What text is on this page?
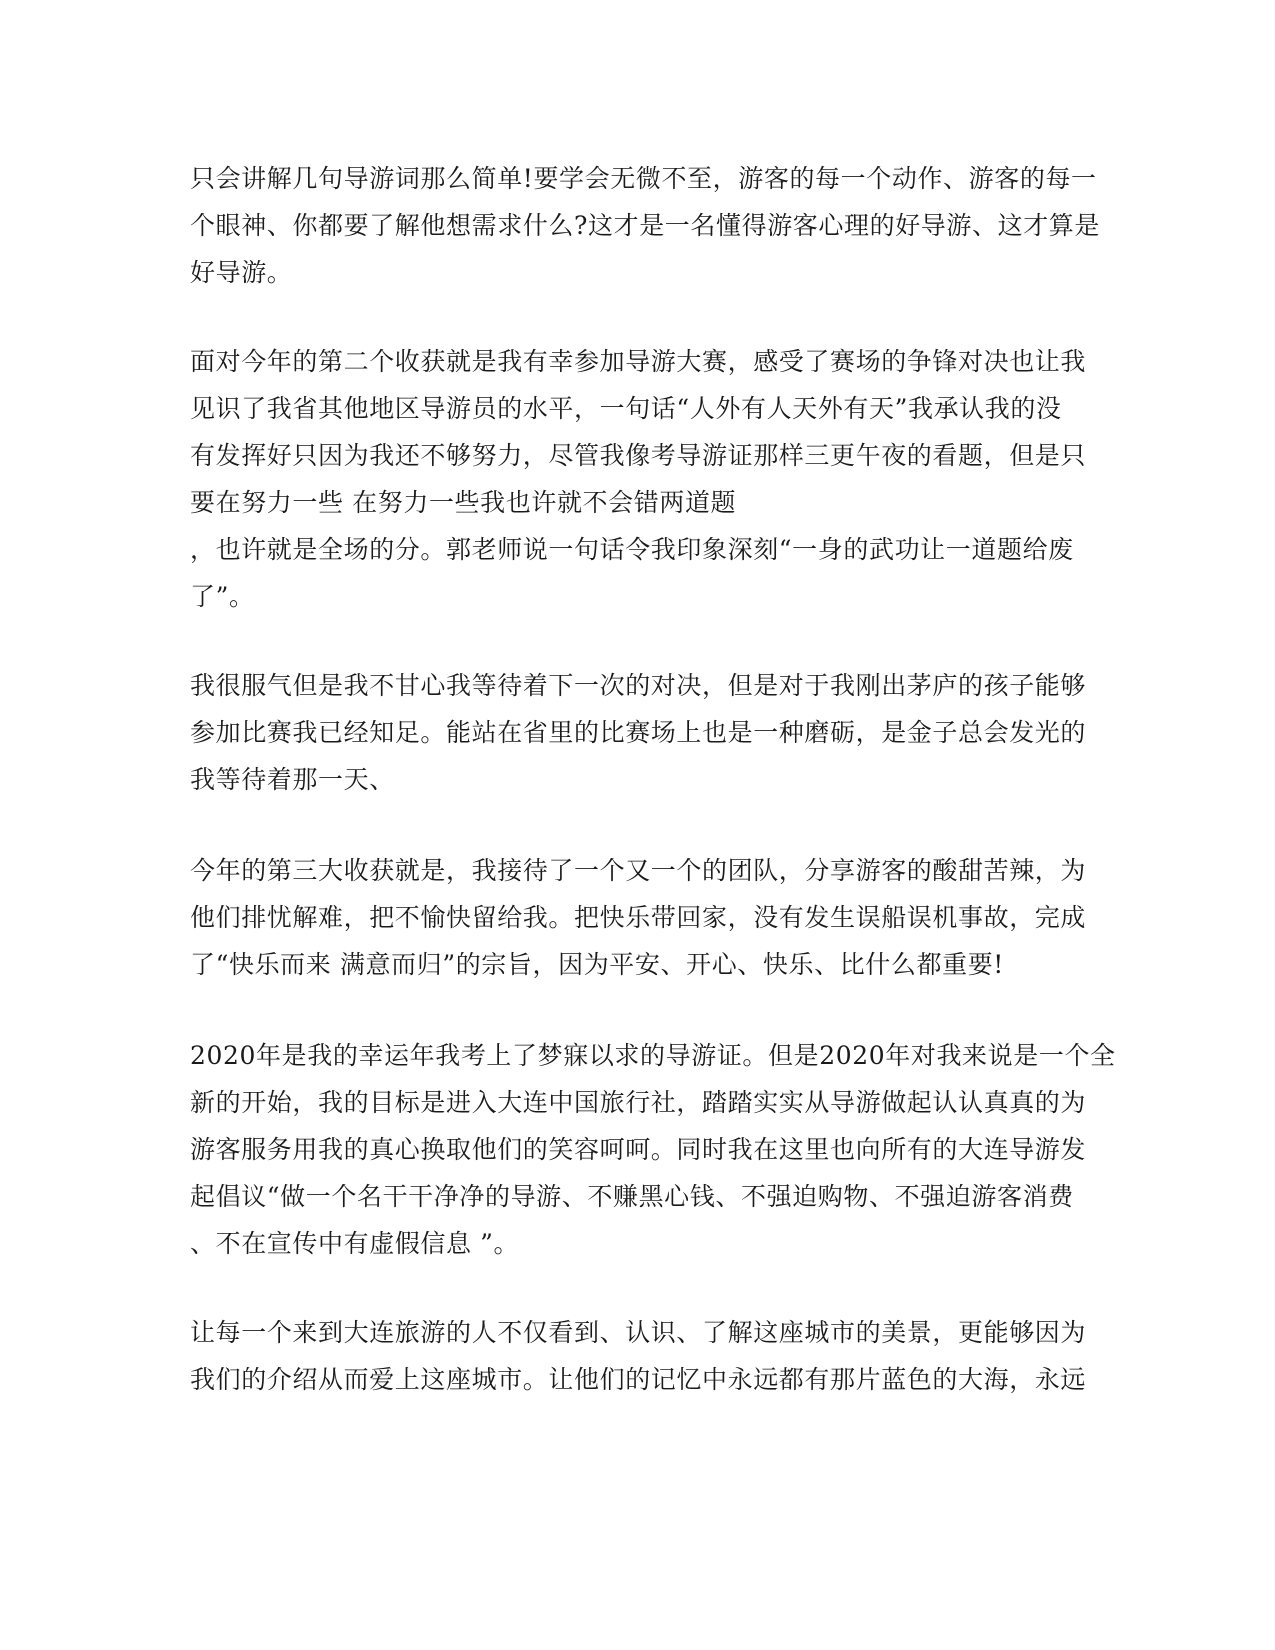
只会讲解几句导游词那么简单!要学会无微不至，游客的每一个动作、游客的每一
个眼神、你都要了解他想需求什么?这才是一名懂得游客心理的好导游、这才算是
好导游。
面对今年的第二个收获就是我有幸参加导游大赛，感受了赛场的争锋对决也让我
见识了我省其他地区导游员的水平，一句话“人外有人天外有天”我承认我的没
有发挥好只因为我还不够努力，尽管我像考导游证那样三更午夜的看题，但是只
要在努力一些 在努力一些我也许就不会错两道题
，也许就是全场的分。郭老师说一句话令我印象深刻“一身的武功让一道题给废
了”。
我很服气但是我不甘心我等待着下一次的对决，但是对于我刚出茅庐的孩子能够
参加比赛我已经知足。能站在省里的比赛场上也是一种磨砺，是金子总会发光的
我等待着那一天、
今年的第三大收获就是，我接待了一个又一个的团队，分享游客的酸甜苦辣，为
他们排忧解难，把不愉快留给我。把快乐带回家，没有发生误船误机事故，完成
了“快乐而来 满意而归”的宗旨，因为平安、开心、快乐、比什么都重要!
2020年是我的幸运年我考上了梦寐以求的导游证。但是2020年对我来说是一个全
新的开始，我的目标是进入大连中国旅行社，踏踏实实从导游做起认认真真的为
游客服务用我的真心换取他们的笑容呵呵。同时我在这里也向所有的大连导游发
起倡议“做一个名干干净净的导游、不赚黑心钱、不强迫购物、不强迫游客消费
、不在宣传中有虚假信息 ”。
让每一个来到大连旅游的人不仅看到、认识、了解这座城市的美景，更能够因为
我们的介绍从而爱上这座城市。让他们的记忆中永远都有那片蓝色的大海，永远
